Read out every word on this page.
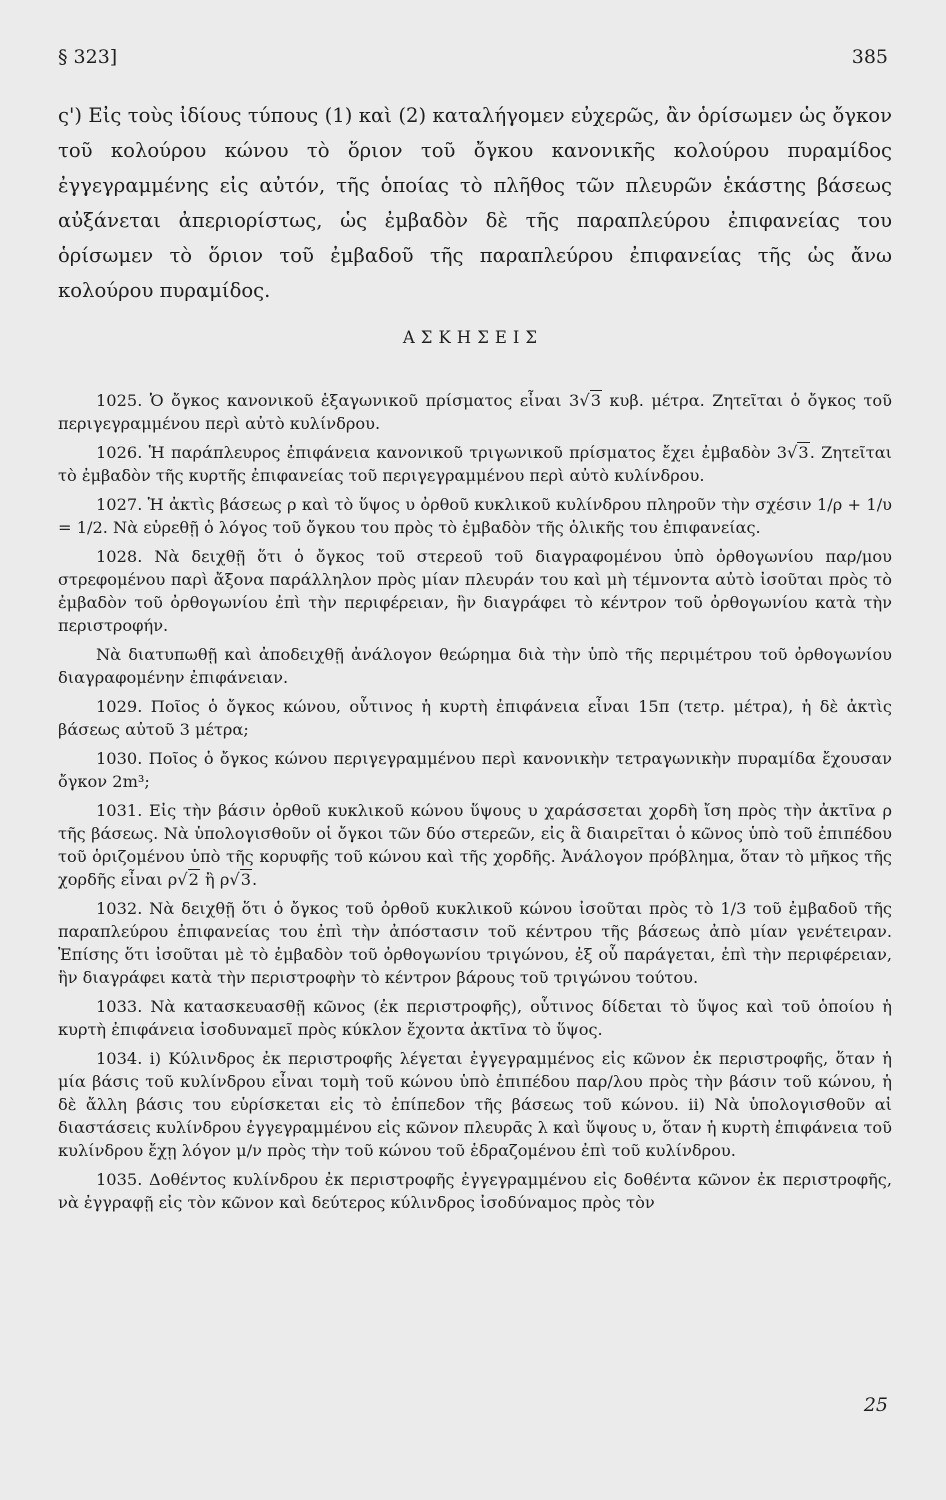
§ 323]	385
ς') Εἰς τοὺς ἰδίους τύπους (1) καὶ (2) καταλήγομεν εὐχερῶς, ἂν ὁρίσωμεν ὡς ὄγκον τοῦ κολούρου κώνου τὸ ὅριον τοῦ ὄγκου κανονικῆς κολούρου πυραμίδος ἐγγεγραμμένης εἰς αὐτόν, τῆς ὁποίας τὸ πλῆθος τῶν πλευρῶν ἑκάστης βάσεως αὐξάνεται ἀπεριορίστως, ὡς ἐμβαδὸν δὲ τῆς παραπλεύρου ἐπιφανείας του ὁρίσωμεν τὸ ὅριον τοῦ ἐμβαδοῦ τῆς παραπλεύρου ἐπιφανείας τῆς ὡς ἄνω κολούρου πυραμίδος.
ΑΣΚΗΣΕΙΣ

1025. Ὁ ὄγκος κανονικοῦ ἑξαγωνικοῦ πρίσματος εἶναι 3√3 κυβ. μέτρα. Ζητεῖται ὁ ὄγκος τοῦ περιγεγραμμένου περὶ αὐτὸ κυλίνδρου.

1026. Ἡ παράπλευρος ἐπιφάνεια κανονικοῦ τριγωνικοῦ πρίσματος ἔχει ἐμβαδὸν 3√3. Ζητεῖται τὸ ἐμβαδὸν τῆς κυρτῆς ἐπιφανείας τοῦ περιγεγραμμένου περὶ αὐτὸ κυλίνδρου.

1027. Ἡ ἀκτὶς βάσεως ρ καὶ τὸ ὕψος υ ὀρθοῦ κυκλικοῦ κυλίνδρου πληροῦν τὴν σχέσιν 1/ρ + 1/υ = 1/2. Νὰ εὑρεθῇ ὁ λόγος τοῦ ὄγκου του πρὸς τὸ ἐμβαδὸν τῆς ὁλικῆς του ἐπιφανείας.

1028. Νὰ δειχθῇ ὅτι ὁ ὄγκος τοῦ στερεοῦ τοῦ διαγραφομένου ὑπὸ ὀρθογωνίου παρ/μου στρεφομένου παρὶ ἄξονα παράλληλον πρὸς μίαν πλευράν του καὶ μὴ τέμνοντα αὐτὸ ἰσοῦται πρὸς τὸ ἐμβαδὸν τοῦ ὀρθογωνίου ἐπὶ τὴν περιφέρειαν, ἣν διαγράφει τὸ κέντρον τοῦ ὀρθογωνίου κατὰ τὴν περιστροφήν.

Νὰ διατυπωθῇ καὶ ἀποδειχθῇ ἀνάλογον θεώρημα διὰ τὴν ὑπὸ τῆς περιμέτρου τοῦ ὀρθογωνίου διαγραφομένην ἐπιφάνειαν.

1029. Ποῖος ὁ ὄγκος κώνου, οὗτινος ἡ κυρτὴ ἐπιφάνεια εἶναι 15π (τετρ. μέτρα), ἡ δὲ ἀκτὶς βάσεως αὐτοῦ 3 μέτρα;

1030. Ποῖος ὁ ὄγκος κώνου περιγεγραμμένου περὶ κανονικὴν τετραγωνικὴν πυραμίδα ἔχουσαν ὄγκον 2m³;

1031. Εἰς τὴν βάσιν ὀρθοῦ κυκλικοῦ κώνου ὕψους υ χαράσσεται χορδὴ ἴση πρὸς τὴν ἀκτῖνα ρ τῆς βάσεως. Νὰ ὑπολογισθοῦν οἱ ὄγκοι τῶν δύο στερεῶν, εἰς ἃ διαιρεῖται ὁ κῶνος ὑπὸ τοῦ ἐπιπέδου τοῦ ὁριζομένου ὑπὸ τῆς κορυφῆς τοῦ κώνου καὶ τῆς χορδῆς. Ἀνάλογον πρόβλημα, ὅταν τὸ μῆκος τῆς χορδῆς εἶναι ρ√2 ἢ ρ√3.

1032. Νὰ δειχθῇ ὅτι ὁ ὄγκος τοῦ ὀρθοῦ κυκλικοῦ κώνου ἰσοῦται πρὸς τὸ 1/3 τοῦ ἐμβαδοῦ τῆς παραπλεύρου ἐπιφανείας του ἐπὶ τὴν ἀπόστασιν τοῦ κέντρου τῆς βάσεως ἀπὸ μίαν γενέτειραν. Ἐπίσης ὅτι ἰσοῦται μὲ τὸ ἐμβαδὸν τοῦ ὀρθογωνίου τριγώνου, ἐξ οὗ παράγεται, ἐπὶ τὴν περιφέρειαν, ἣν διαγράφει κατὰ τὴν περιστροφὴν τὸ κέντρον βάρους τοῦ τριγώνου τούτου.

1033. Νὰ κατασκευασθῇ κῶνος (ἐκ περιστροφῆς), οὗτινος δίδεται τὸ ὕψος καὶ τοῦ ὁποίου ἡ κυρτὴ ἐπιφάνεια ἰσοδυναμεῖ πρὸς κύκλον ἔχοντα ἀκτῖνα τὸ ὕψος.

1034. i) Κύλινδρος ἐκ περιστροφῆς λέγεται ἐγγεγραμμένος εἰς κῶνον ἐκ περιστροφῆς, ὅταν ἡ μία βάσις τοῦ κυλίνδρου εἶναι τομὴ τοῦ κώνου ὑπὸ ἐπιπέδου παρ/λου πρὸς τὴν βάσιν τοῦ κώνου, ἡ δὲ ἄλλη βάσις του εὑρίσκεται εἰς τὸ ἐπίπεδον τῆς βάσεως τοῦ κώνου. ii) Νὰ ὑπολογισθοῦν αἱ διαστάσεις κυλίνδρου ἐγγεγραμμένου εἰς κῶνον πλευρᾶς λ καὶ ὕψους υ, ὅταν ἡ κυρτὴ ἐπιφάνεια τοῦ κυλίνδρου ἔχῃ λόγον μ/ν πρὸς τὴν τοῦ κώνου τοῦ ἑδραζομένου ἐπὶ τοῦ κυλίνδρου.

1035. Δοθέντος κυλίνδρου ἐκ περιστροφῆς ἐγγεγραμμένου εἰς δοθέντα κῶνον ἐκ περιστροφῆς, νὰ ἐγγραφῇ εἰς τὸν κῶνον καὶ δεύτερος κύλινδρος ἰσοδύναμος πρὸς τὸν

25
